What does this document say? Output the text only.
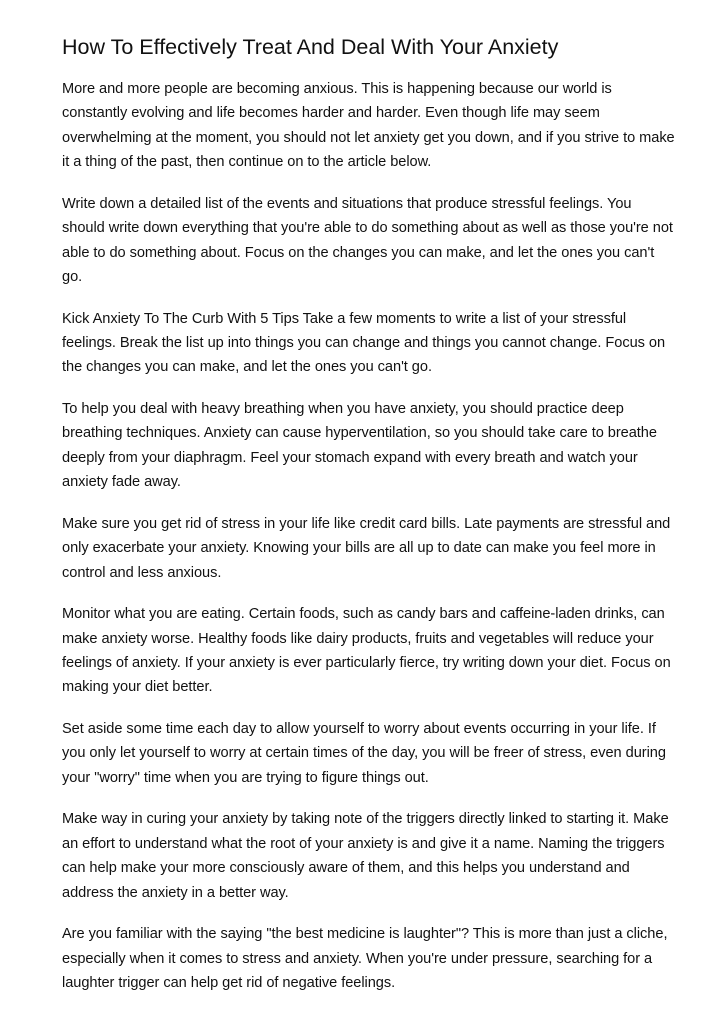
How To Effectively Treat And Deal With Your Anxiety

More and more people are becoming anxious. This is happening because our world is constantly evolving and life becomes harder and harder. Even though life may seem overwhelming at the moment, you should not let anxiety get you down, and if you strive to make it a thing of the past, then continue on to the article below.

Write down a detailed list of the events and situations that produce stressful feelings. You should write down everything that you're able to do something about as well as those you're not able to do something about. Focus on the changes you can make, and let the ones you can't go.

Kick Anxiety To The Curb With 5 Tips Take a few moments to write a list of your stressful feelings. Break the list up into things you can change and things you cannot change. Focus on the changes you can make, and let the ones you can't go.

To help you deal with heavy breathing when you have anxiety, you should practice deep breathing techniques. Anxiety can cause hyperventilation, so you should take care to breathe deeply from your diaphragm. Feel your stomach expand with every breath and watch your anxiety fade away.

Make sure you get rid of stress in your life like credit card bills. Late payments are stressful and only exacerbate your anxiety. Knowing your bills are all up to date can make you feel more in control and less anxious.

Monitor what you are eating. Certain foods, such as candy bars and caffeine-laden drinks, can make anxiety worse. Healthy foods like dairy products, fruits and vegetables will reduce your feelings of anxiety. If your anxiety is ever particularly fierce, try writing down your diet. Focus on making your diet better.

Set aside some time each day to allow yourself to worry about events occurring in your life. If you only let yourself to worry at certain times of the day, you will be freer of stress, even during your "worry" time when you are trying to figure things out.

Make way in curing your anxiety by taking note of the triggers directly linked to starting it. Make an effort to understand what the root of your anxiety is and give it a name. Naming the triggers can help make your more consciously aware of them, and this helps you understand and address the anxiety in a better way.

Are you familiar with the saying "the best medicine is laughter"? This is more than just a cliche, especially when it comes to stress and anxiety. When you're under pressure, searching for a laughter trigger can help get rid of negative feelings.
